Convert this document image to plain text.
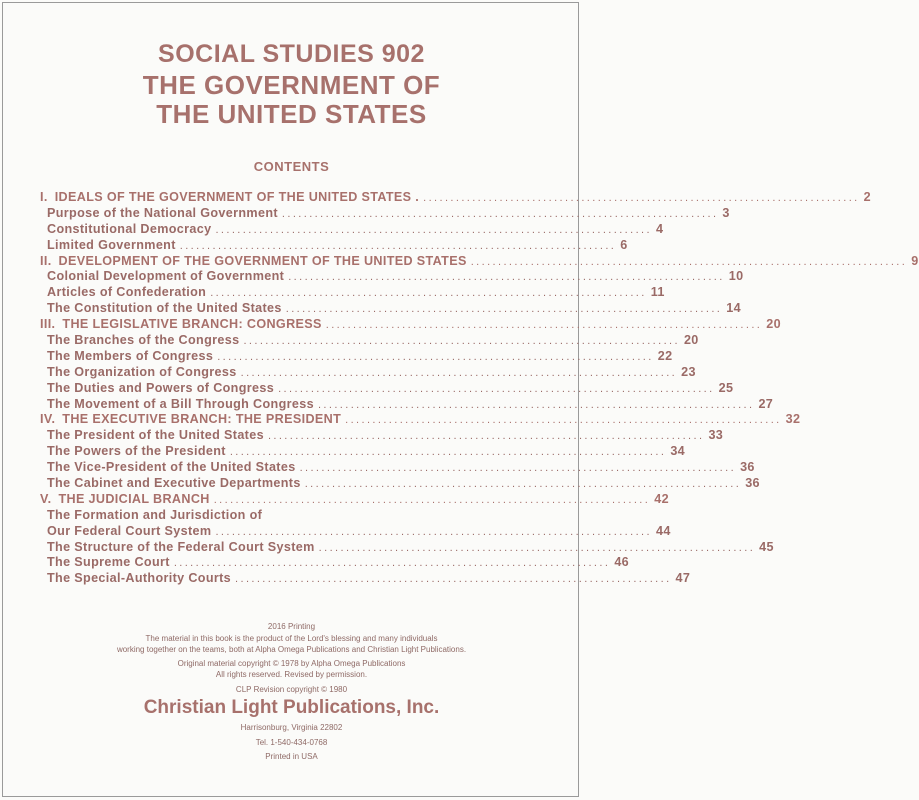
SOCIAL STUDIES 902
THE GOVERNMENT OF
THE UNITED STATES
CONTENTS
I. IDEALS OF THE GOVERNMENT OF THE UNITED STATES . ................................................................................ 2
Purpose of the National Government ................................................................................ 3
Constitutional Democracy ................................................................................ 4
Limited Government ................................................................................ 6
II. DEVELOPMENT OF THE GOVERNMENT OF THE UNITED STATES ................................................................................ 9
Colonial Development of Government ................................................................................ 10
Articles of Confederation ................................................................................ 11
The Constitution of the United States ................................................................................ 14
III. THE LEGISLATIVE BRANCH: CONGRESS ................................................................................ 20
The Branches of the Congress ................................................................................ 20
The Members of Congress ................................................................................ 22
The Organization of Congress ................................................................................ 23
The Duties and Powers of Congress ................................................................................ 25
The Movement of a Bill Through Congress ................................................................................ 27
IV. THE EXECUTIVE BRANCH: THE PRESIDENT ................................................................................ 32
The President of the United States ................................................................................ 33
The Powers of the President ................................................................................ 34
The Vice-President of the United States ................................................................................ 36
The Cabinet and Executive Departments ................................................................................ 36
V. THE JUDICIAL BRANCH ................................................................................ 42
The Formation and Jurisdiction of
Our Federal Court System ................................................................................ 44
The Structure of the Federal Court System ................................................................................ 45
The Supreme Court ................................................................................ 46
The Special-Authority Courts ................................................................................ 47
2016 Printing
The material in this book is the product of the Lord's blessing and many individuals
working together on the teams, both at Alpha Omega Publications and Christian Light Publications.
Original material copyright © 1978 by Alpha Omega Publications
All rights reserved. Revised by permission.
CLP Revision copyright © 1980
Christian Light Publications, Inc.
Harrisonburg, Virginia 22802
Tel. 1-540-434-0768
Printed in USA
